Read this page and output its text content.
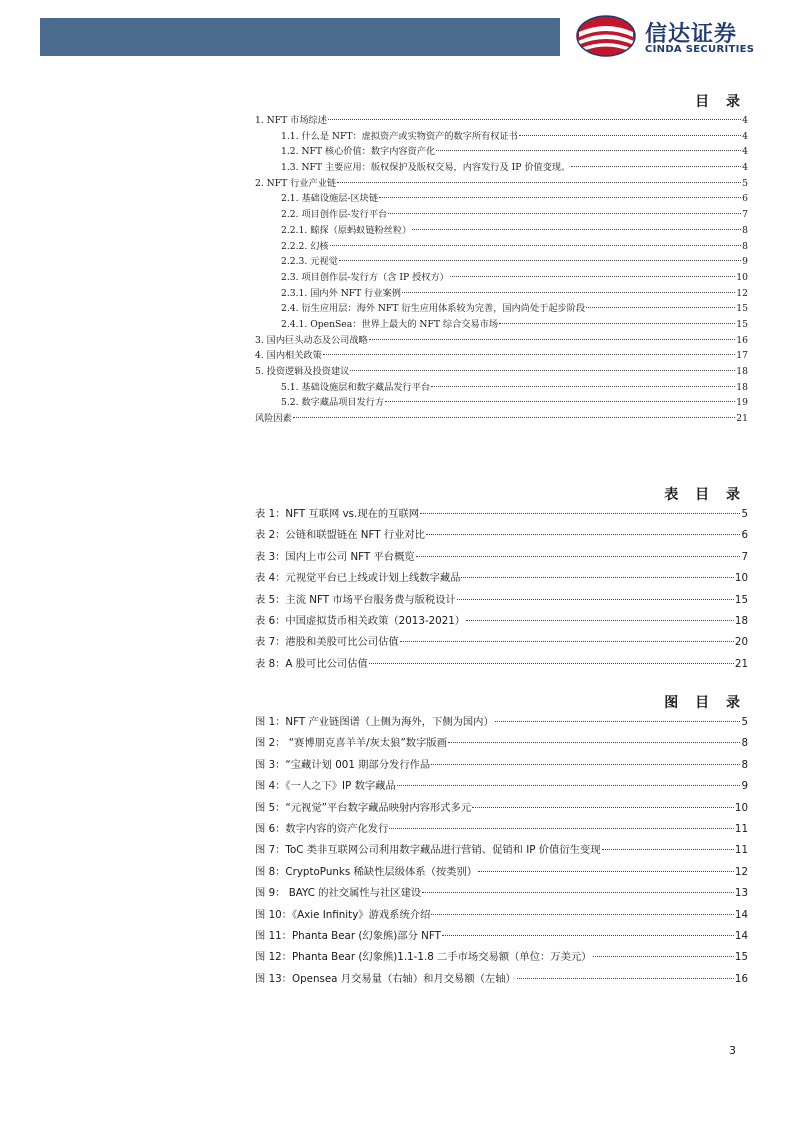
信达证券
CINDA SECURITIES
目 录
1. NFT 市场综述	4
1.1. 什么是 NFT：虚拟资产或实物资产的数字所有权证书	4
1.2. NFT 核心价值：数字内容资产化	4
1.3. NFT 主要应用：版权保护及版权交易，内容发行及 IP 价值变现。	4
2. NFT 行业产业链	5
2.1. 基础设施层-区块链	6
2.2. 项目创作层-发行平台	7
2.2.1. 鲸探（原蚂蚁链粉丝粒）	8
2.2.2. 幻核	8
2.2.3. 元视觉	9
2.3. 项目创作层-发行方（含 IP 授权方）	10
2.3.1. 国内外 NFT 行业案例	12
2.4. 衍生应用层：海外 NFT 衍生应用体系较为完善，国内尚处于起步阶段	15
2.4.1. OpenSea：世界上最大的 NFT 综合交易市场	15
3. 国内巨头动态及公司战略	16
4. 国内相关政策	17
5. 投资逻辑及投资建议	18
5.1. 基础设施层和数字藏品发行平台	18
5.2. 数字藏品项目发行方	19
风险因素	21
表 目 录
表 1：NFT 互联网 vs.现在的互联网	5
表 2：公链和联盟链在 NFT 行业对比	6
表 3：国内上市公司 NFT 平台概览	7
表 4：元视觉平台已上线或计划上线数字藏品	10
表 5：主流 NFT 市场平台服务费与版税设计	15
表 6：中国虚拟货币相关政策（2013-2021）	18
表 7：港股和美股可比公司估值	20
表 8：A 股可比公司估值	21
图 目 录
图 1：NFT 产业链图谱（上侧为海外，下侧为国内）	5
图 2： “赛博朋克喜羊羊/灰太狼”数字版画	8
图 3：“宝藏计划 001 期部分发行作品	8
图 4：《一人之下》IP 数字藏品	9
图 5：“元视觉”平台数字藏品映射内容形式多元	10
图 6：数字内容的资产化发行	11
图 7：ToC 类非互联网公司利用数字藏品进行营销、促销和 IP 价值衍生变现	11
图 8：CryptoPunks 稀缺性层级体系（按类别）	12
图 9： BAYC 的社交属性与社区建设	13
图 10：《Axie Infinity》游戏系统介绍	14
图 11：Phanta Bear (幻象熊)部分 NFT	14
图 12：Phanta Bear (幻象熊)1.1-1.8 二手市场交易额（单位：万美元）	15
图 13：Opensea 月交易量（右轴）和月交易额（左轴）	16
3
